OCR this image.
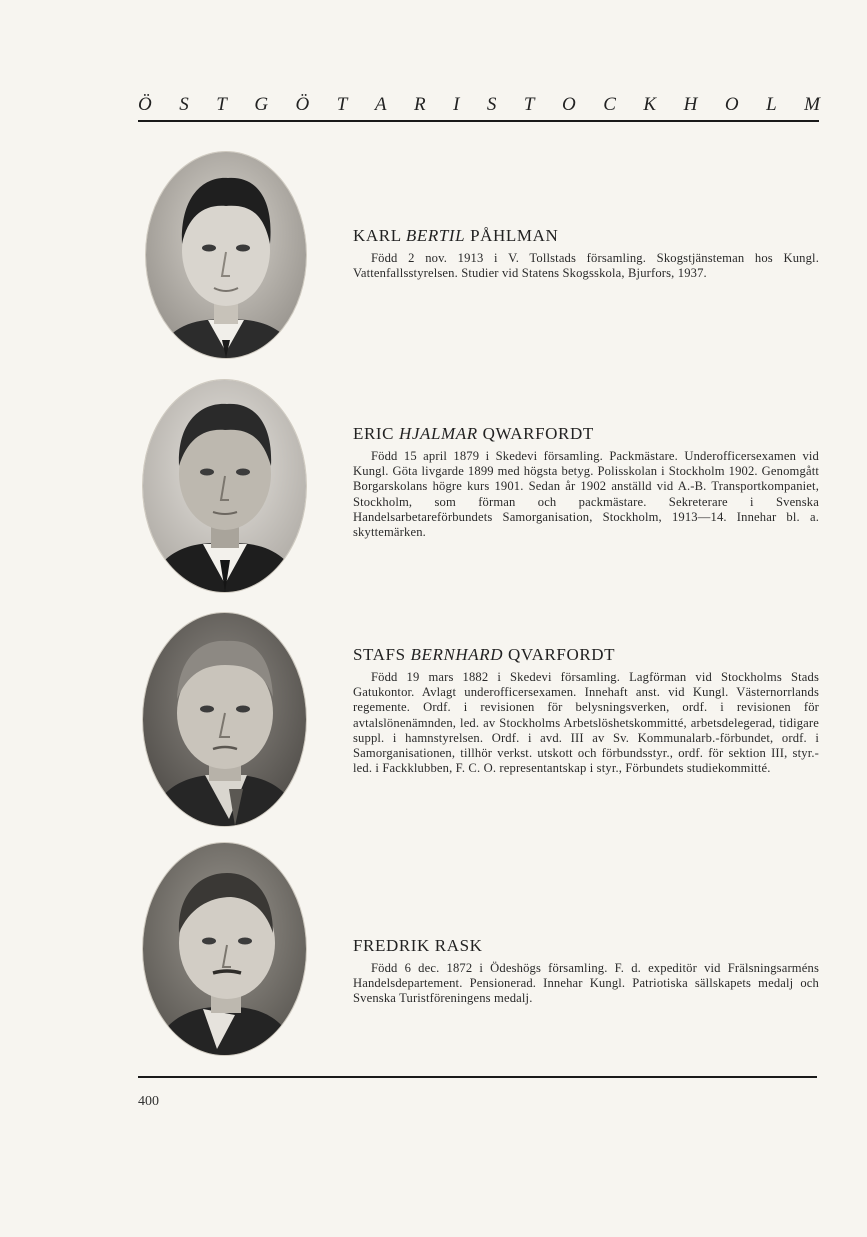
Ö S T G Ö T A R I S T O C K H O L M
KARL BERTIL PÅHLMAN
Född 2 nov. 1913 i V. Tollstads församling. Skogstjänsteman hos Kungl. Vattenfallsstyrelsen. Studier vid Statens Skogsskola, Bjurfors, 1937.
ERIC HJALMAR QWARFORDT
Född 15 april 1879 i Skedevi församling. Packmästare. Underofficersexamen vid Kungl. Göta livgarde 1899 med högsta betyg. Polisskolan i Stockholm 1902. Genomgått Borgarskolans högre kurs 1901. Sedan år 1902 anställd vid A.-B. Transportkompaniet, Stockholm, som förman och packmästare. Sekreterare i Svenska Handelsarbetareförbundets Samorganisation, Stockholm, 1913—14. Innehar bl. a. skyttemärken.
STAFS BERNHARD QVARFORDT
Född 19 mars 1882 i Skedevi församling. Lagförman vid Stockholms Stads Gatukontor. Avlagt underofficersexamen. Innehaft anst. vid Kungl. Västernorrlands regemente. Ordf. i revisionen för belysningsverken, ordf. i revisionen för avtalslönenämnden, led. av Stockholms Arbetslöshetskommitté, arbetsdelegerad, tidigare suppl. i hamnstyrelsen. Ordf. i avd. III av Sv. Kommunalarb.-förbundet, ordf. i Samorganisationen, tillhör verkst. utskott och förbundsstyr., ordf. för sektion III, styr.-led. i Fackklubben, F. C. O. representantskap i styr., Förbundets studiekommitté.
FREDRIK RASK
Född 6 dec. 1872 i Ödeshögs församling. F. d. expeditör vid Frälsningsarméns Handelsdepartement. Pensionerad. Innehar Kungl. Patriotiska sällskapets medalj och Svenska Turistföreningens medalj.
400
